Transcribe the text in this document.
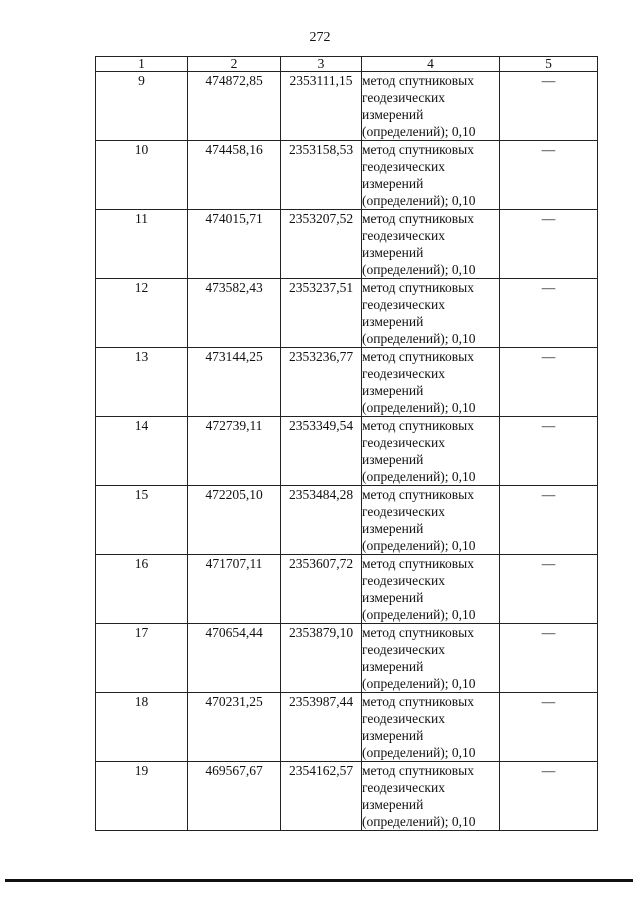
272
1	2	3	4	5
9	474872,85	2353111,15	метод спутниковых
геодезических
измерений
(определений); 0,10	—
10	474458,16	2353158,53	метод спутниковых
геодезических
измерений
(определений); 0,10	—
11	474015,71	2353207,52	метод спутниковых
геодезических
измерений
(определений); 0,10	—
12	473582,43	2353237,51	метод спутниковых
геодезических
измерений
(определений); 0,10	—
13	473144,25	2353236,77	метод спутниковых
геодезических
измерений
(определений); 0,10	—
14	472739,11	2353349,54	метод спутниковых
геодезических
измерений
(определений); 0,10	—
15	472205,10	2353484,28	метод спутниковых
геодезических
измерений
(определений); 0,10	—
16	471707,11	2353607,72	метод спутниковых
геодезических
измерений
(определений); 0,10	—
17	470654,44	2353879,10	метод спутниковых
геодезических
измерений
(определений); 0,10	—
18	470231,25	2353987,44	метод спутниковых
геодезических
измерений
(определений); 0,10	—
19	469567,67	2354162,57	метод спутниковых
геодезических
измерений
(определений); 0,10	—
